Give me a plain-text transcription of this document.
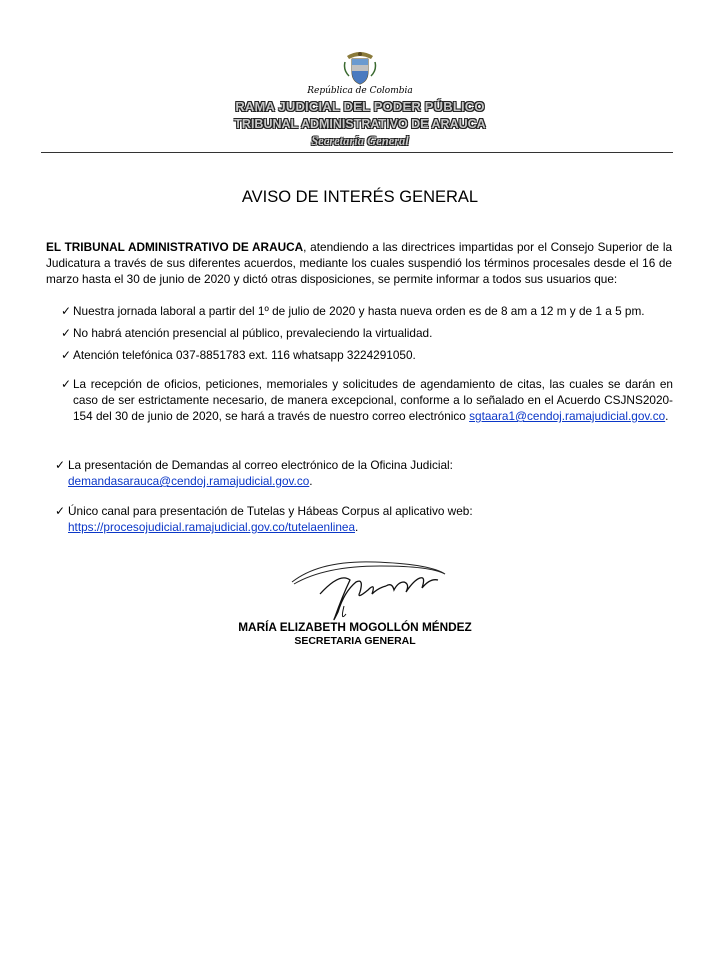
República de Colombia
RAMA JUDICIAL DEL PODER PÚBLICO
TRIBUNAL ADMINISTRATIVO DE ARAUCA
Secretaría General
AVISO DE INTERÉS GENERAL
EL TRIBUNAL ADMINISTRATIVO DE ARAUCA, atendiendo a las directrices impartidas por el Consejo Superior de la Judicatura a través de sus diferentes acuerdos, mediante los cuales suspendió los términos procesales desde el 16 de marzo hasta el 30 de junio de 2020 y dictó otras disposiciones, se permite informar a todos sus usuarios que:
✓ Nuestra jornada laboral a partir del 1º de julio de 2020 y hasta nueva orden es de 8 am a 12 m y de 1 a 5 pm.
✓ No habrá atención presencial al público, prevaleciendo la virtualidad.
✓ Atención telefónica 037-8851783 ext. 116 whatsapp 3224291050.
✓ La recepción de oficios, peticiones, memoriales y solicitudes de agendamiento de citas, las cuales se darán en caso de ser estrictamente necesario, de manera excepcional, conforme a lo señalado en el Acuerdo CSJNS2020-154 del 30 de junio de 2020, se hará a través de nuestro correo electrónico sgtaara1@cendoj.ramajudicial.gov.co.
✓ La presentación de Demandas al correo electrónico de la Oficina Judicial:
demandasarauca@cendoj.ramajudicial.gov.co.
✓ Único canal para presentación de Tutelas y Hábeas Corpus al aplicativo web:
https://procesojudicial.ramajudicial.gov.co/tutelaenlinea.
MARÍA ELIZABETH MOGOLLÓN MÉNDEZ
SECRETARIA GENERAL
